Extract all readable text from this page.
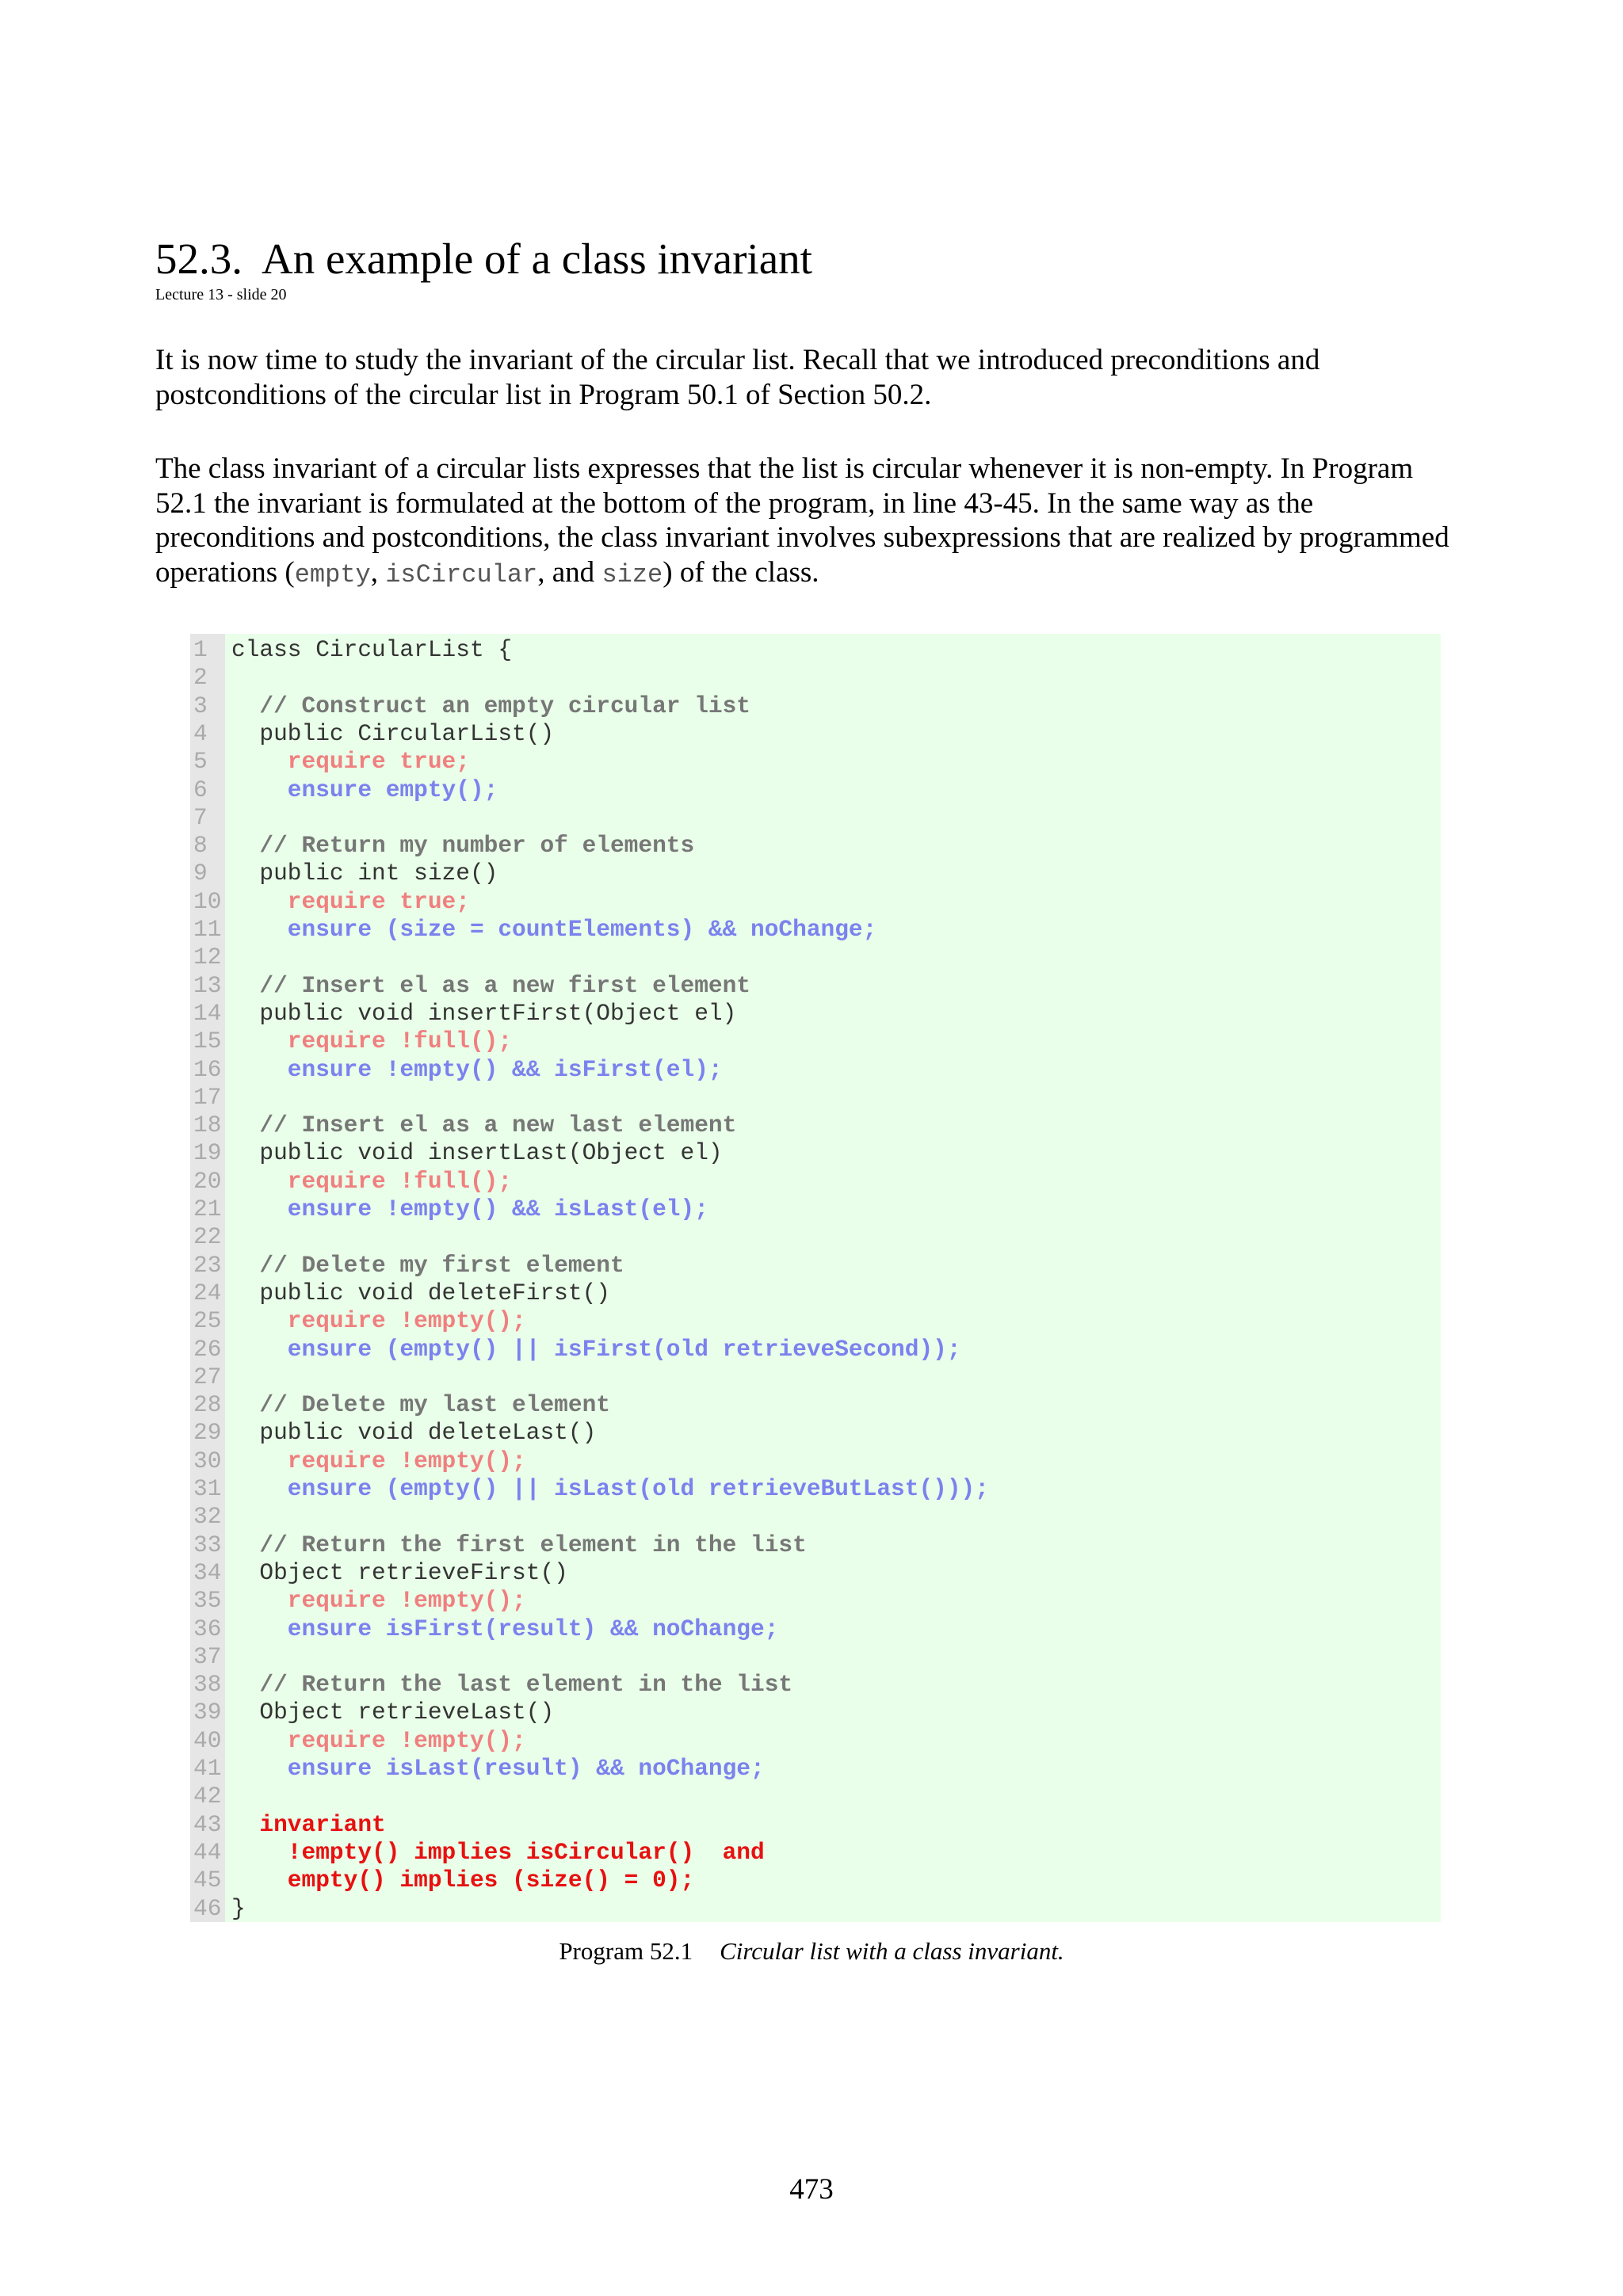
52.3. An example of a class invariant
Lecture 13 - slide 20
It is now time to study the invariant of the circular list. Recall that we introduced preconditions and postconditions of the circular list in Program 50.1 of Section 50.2.
The class invariant of a circular lists expresses that the list is circular whenever it is non-empty. In Program 52.1 the invariant is formulated at the bottom of the program, in line 43-45. In the same way as the preconditions and postconditions, the class invariant involves subexpressions that are realized by programmed operations (empty, isCircular, and size) of the class.
1	class CircularList {
2
3	// Construct an empty circular list
4	public CircularList()
5	require true;
6	ensure empty();
7
8	// Return my number of elements
9	public int size()
10 require true;
11 ensure (size = countElements) && noChange;
12
13 // Insert el as a new first element
14 public void insertFirst(Object el)
15 require !full();
16 ensure !empty() && isFirst(el);
17
18 // Insert el as a new last element
19 public void insertLast(Object el)
20 require !full();
21 ensure !empty() && isLast(el);
22
23 // Delete my first element
24 public void deleteFirst()
25 require !empty();
26 ensure (empty() || isFirst(old retrieveSecond));
27
28 // Delete my last element
29 public void deleteLast()
30 require !empty();
31 ensure (empty() || isLast(old retrieveButLast()));
32
33 // Return the first element in the list
34 Object retrieveFirst()
35 require !empty();
36 ensure isFirst(result) && noChange;
37
38 // Return the last element in the list
39 Object retrieveLast()
40 require !empty();
41 ensure isLast(result) && noChange;
42
43 invariant
44 !empty() implies isCircular()  and
45 empty() implies (size() = 0);
46 }
Program 52.1 Circular list with a class invariant.
473
